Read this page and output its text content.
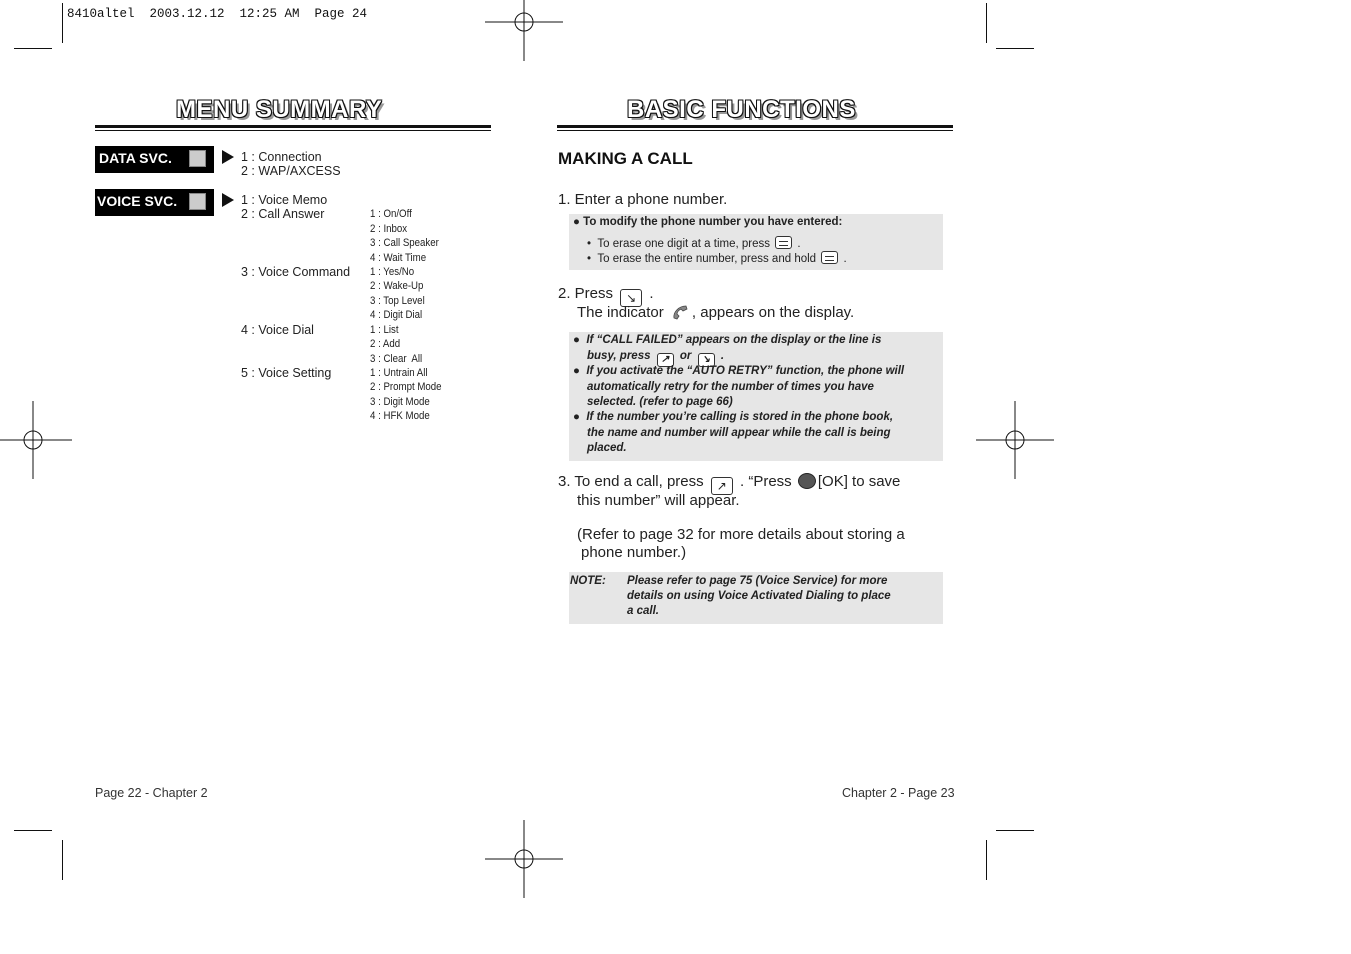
8410altel  2003.12.12  12:25 AM  Page 24
MENU SUMMARY
DATA SVC.	1 : Connection
2 : WAP/AXCESS
VOICE SVC.	1 : Voice Memo
2 : Call Answer
3 : Voice Command
4 : Voice Dial
5 : Voice Setting
1 : On/Off
2 : Inbox
3 : Call Speaker
4 : Wait Time
1 : Yes/No
2 : Wake-Up
3 : Top Level
4 : Digit Dial
1 : List
2 : Add
3 : Clear  All
1 : Untrain All
2 : Prompt Mode
3 : Digit Mode
4 : HFK Mode
Page 22 - Chapter 2
BASIC FUNCTIONS
MAKING A CALL
1. Enter a phone number.
● To modify the phone number you have entered:
•  To erase one digit at a time, press .
•  To erase the entire number, press and hold .
2. Press ↘ .
The indicator , appears on the display.
●  If “CALL FAILED” appears on the display or the line is
busy, press ↗ or ↘ .
●  If you activate the “AUTO RETRY” function, the phone will
automatically retry for the number of times you have
selected. (refer to page 66)
●  If the number you’re calling is stored in the phone book,
the name and number will appear while the call is being
placed.
3. To end a call, press ↗ . “Press [OK] to save
this number” will appear.
(Refer to page 32 for more details about storing a
phone number.)
NOTE: Please refer to page 75 (Voice Service) for more
details on using Voice Activated Dialing to place
a call.
Chapter 2 - Page 23
